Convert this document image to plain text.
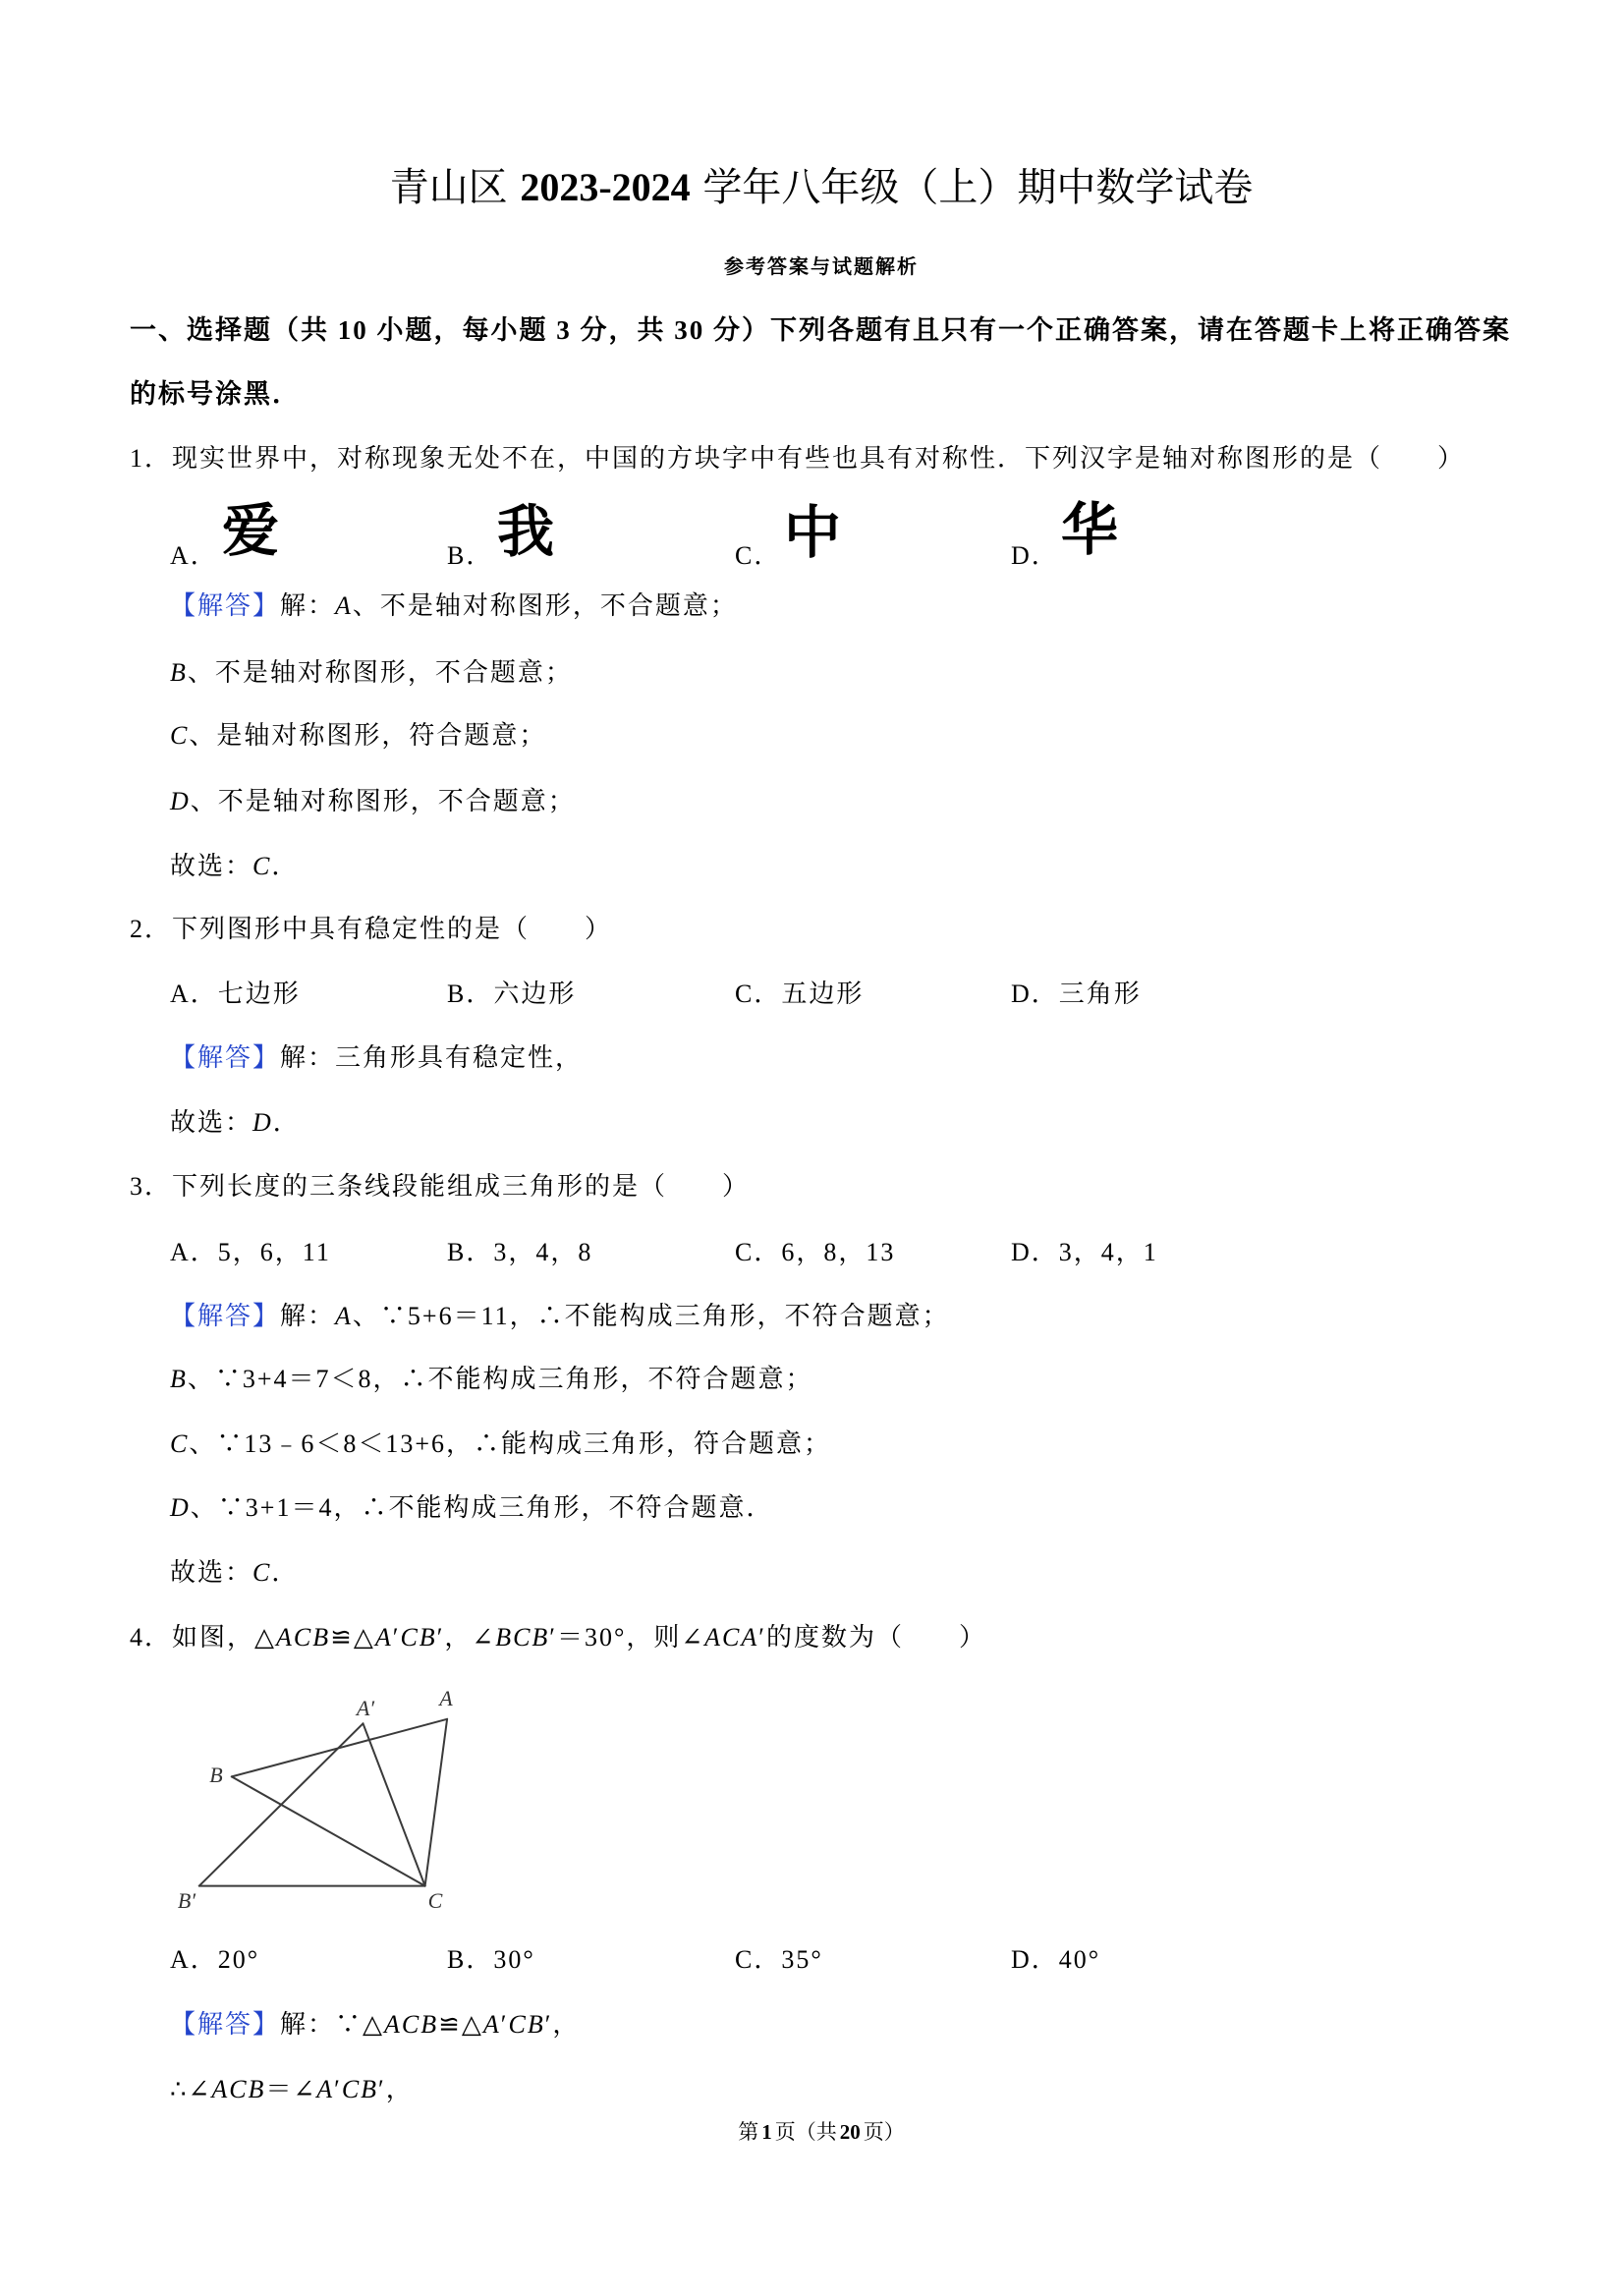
青山区 2023-2024 学年八年级（上）期中数学试卷
参考答案与试题解析
一、选择题（共 10 小题，每小题 3 分，共 30 分）下列各题有且只有一个正确答案，请在答题卡上将正确答案
的标号涂黑．
1．现实世界中，对称现象无处不在，中国的方块字中有些也具有对称性．下列汉字是轴对称图形的是（　　）
A．	B．	C．	D．
爱	我	中	华
【解答】 解： A 、不是轴对称图形，不合题意；
B 、不是轴对称图形，不合题意；
C 、是轴对称图形，符合题意；
D 、不是轴对称图形，不合题意；
故选： C ．
2．下列图形中具有稳定性的是（　　）
A． 七边形	B． 六边形	C． 五边形	D． 三角形
【解答】 解：三角形具有稳定性，
故选： D ．
3．下列长度的三条线段能组成三角形的是（　　）
A． 5，6，11	B． 3，4，8	C． 6，8，13	D． 3，4，1
【解答】 解： A 、∵5+6＝11，∴不能构成三角形，不符合题意；
B 、∵3+4＝7＜8，∴不能构成三角形，不符合题意；
C 、∵13﹣6＜8＜13+6，∴能构成三角形，符合题意；
D 、∵3+1＝4，∴不能构成三角形，不符合题意．
故选： C ．
4．如图，△ ACB ≌△ A ′ CB ′，∠ BCB ′＝30°，则∠ ACA ′的度数为（　　）
A′	A
B
B′	C
A． 20°	B． 30°	C． 35°	D． 40°
【解答】 解：∵△ ACB ≌△ A ′ CB ′，
∴∠ ACB ＝∠ A ′ CB ′，
第 1 页（共 20 页）
